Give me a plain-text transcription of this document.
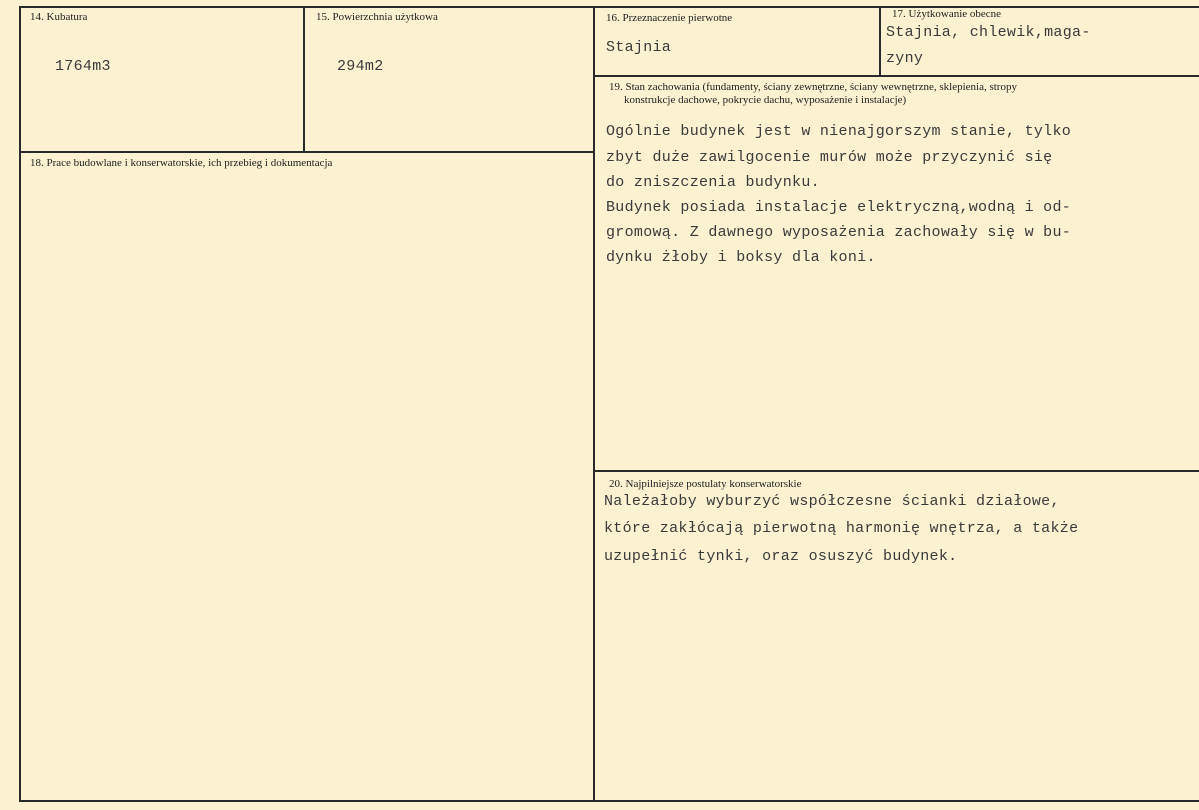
14. Kubatura
1764m3
15. Powierzchnia użytkowa
294m2
16. Przeznaczenie pierwotne
Stajnia
17. Użytkowanie obecne
Stajnia, chlewik,maga-
zyny
18. Prace budowlane i konserwatorskie, ich przebieg i dokumentacja
19. Stan zachowania (fundamenty, ściany zewnętrzne, ściany wewnętrzne, sklepienia, stropy
konstrukcje dachowe, pokrycie dachu, wyposażenie i instalacje)
Ogólnie budynek jest w nienajgorszym stanie, tylko
zbyt duże zawilgocenie murów może przyczynić się
do zniszczenia budynku.
Budynek posiada instalacje elektryczną,wodną i od-
gromową. Z dawnego wyposażenia zachowały się w bu-
dynku żłoby i boksy dla koni.
20. Najpilniejsze postulaty konserwatorskie
Należałoby wyburzyć współczesne ścianki działowe,
które zakłócają pierwotną harmonię wnętrza, a także
uzupełnić tynki, oraz osuszyć budynek.
